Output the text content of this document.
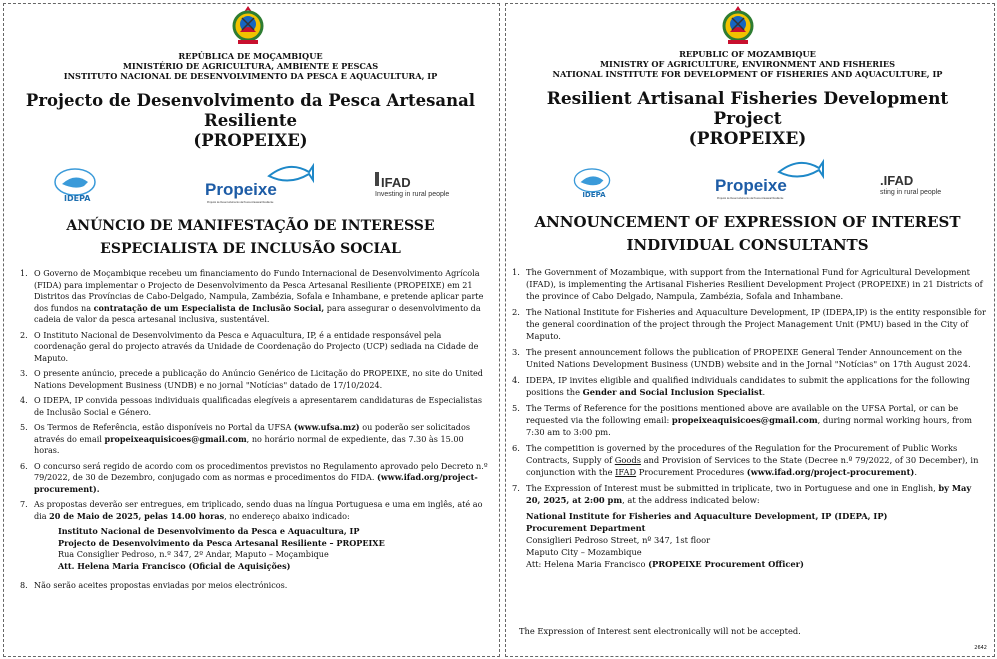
REPÚBLICA DE MOÇAMBIQUE
MINISTÉRIO DE AGRICULTURA, AMBIENTE E PESCAS
INSTITUTO NACIONAL DE DESENVOLVIMENTO DA PESCA E AQUACULTURA, IP
Projecto de Desenvolvimento da Pesca Artesanal Resiliente
(PROPEIXE)
IDEPA	Propeixe
Projecto de Desenvolvimento da Pesca Artesanal Resiliente
IFAD
Investing in rural people
ANÚNCIO DE MANIFESTAÇÃO DE INTERESSE
ESPECIALISTA DE INCLUSÃO SOCIAL
1. O Governo de Moçambique recebeu um financiamento do Fundo Internacional de Desenvolvimento Agrícola (FIDA) para implementar o Projecto de Desenvolvimento da Pesca Artesanal Resiliente (PROPEIXE) em 21 Distritos das Províncias de Cabo-Delgado, Nampula, Zambézia, Sofala e Inhambane, e pretende aplicar parte dos fundos na contratação de um Especialista de Inclusão Social, para assegurar o desenvolvimento da cadeia de valor da pesca artesanal inclusiva, sustentável.
2. O Instituto Nacional de Desenvolvimento da Pesca e Aquacultura, IP, é a entidade responsável pela coordenação geral do projecto através da Unidade de Coordenação do Projecto (UCP) sediada na Cidade de Maputo.
3. O presente anúncio, precede a publicação do Anúncio Genérico de Licitação do PROPEIXE, no site do United Nations Development Business (UNDB) e no jornal "Notícias" datado de 17/10/2024.
4. O IDEPA, IP convida pessoas individuais qualificadas elegíveis a apresentarem candidaturas de Especialistas de Inclusão Social e Género.
5. Os Termos de Referência, estão disponíveis no Portal da UFSA (www.ufsa.mz) ou poderão ser solicitados através do email propeixeaquisicoes@gmail.com, no horário normal de expediente, das 7.30 às 15.00 horas.
6. O concurso será regido de acordo com os procedimentos previstos no Regulamento aprovado pelo Decreto n.º 79/2022, de 30 de Dezembro, conjugado com as normas e procedimentos do FIDA. (www.ifad.org/project-procurement).
7. As propostas deverão ser entregues, em triplicado, sendo duas na língua Portuguesa e uma em inglês, até ao dia 20 de Maio de 2025, pelas 14.00 horas, no endereço abaixo indicado:
Instituto Nacional de Desenvolvimento da Pesca e Aquacultura, IP
Projecto de Desenvolvimento da Pesca Artesanal Resiliente – PROPEIXE
Rua Consiglier Pedroso, n.º 347, 2º Andar, Maputo – Moçambique
Att. Helena Maria Francisco (Oficial de Aquisições)
8. Não serão aceites propostas enviadas por meios electrónicos.
REPUBLIC OF MOZAMBIQUE
MINISTRY OF AGRICULTURE, ENVIRONMENT AND FISHERIES
NATIONAL INSTITUTE FOR DEVELOPMENT OF FISHERIES AND AQUACULTURE, IP
Resilient Artisanal Fisheries Development Project
(PROPEIXE)
IDEPA	Propeixe
Projecto de Desenvolvimento da Pesca Artesanal Resiliente
.IFAD
sting in rural people
ANNOUNCEMENT OF EXPRESSION OF INTEREST
INDIVIDUAL CONSULTANTS
1. The Government of Mozambique, with support from the International Fund for Agricultural Development (IFAD), is implementing the Artisanal Fisheries Resilient Development Project (PROPEIXE) in 21 Districts of the province of Cabo Delgado, Nampula, Zambézia, Sofala and Inhambane.
2. The National Institute for Fisheries and Aquaculture Development, IP (IDEPA,IP) is the entity responsible for the general coordination of the project through the Project Management Unit (PMU) based in the City of Maputo.
3. The present announcement follows the publication of PROPEIXE General Tender Announcement on the United Nations Development Business (UNDB) website and in the Jornal "Notícias" on 17th August 2024.
4. IDEPA, IP invites eligible and qualified individuals candidates to submit the applications for the following positions the Gender and Social Inclusion Specialist.
5. The Terms of Reference for the positions mentioned above are available on the UFSA Portal, or can be requested via the following email: propeixeaquisicoes@gmail.com, during normal working hours, from 7:30 am to 3:00 pm.
6. The competition is governed by the procedures of the Regulation for the Procurement of Public Works Contracts, Supply of Goods and Provision of Services to the State (Decree n.º 79/2022, of 30 December), in conjunction with the IFAD Procurement Procedures (www.ifad.org/project-procurement).
7. The Expression of Interest must be submitted in triplicate, two in Portuguese and one in English, by May 20, 2025, at 2:00 pm, at the address indicated below:
National Institute for Fisheries and Aquaculture Development, IP (IDEPA, IP)
Procurement Department
Consiglieri Pedroso Street, nº 347, 1st floor
Maputo City – Mozambique
Att: Helena Maria Francisco (PROPEIXE Procurement Officer)
The Expression of Interest sent electronically will not be accepted.
2642
